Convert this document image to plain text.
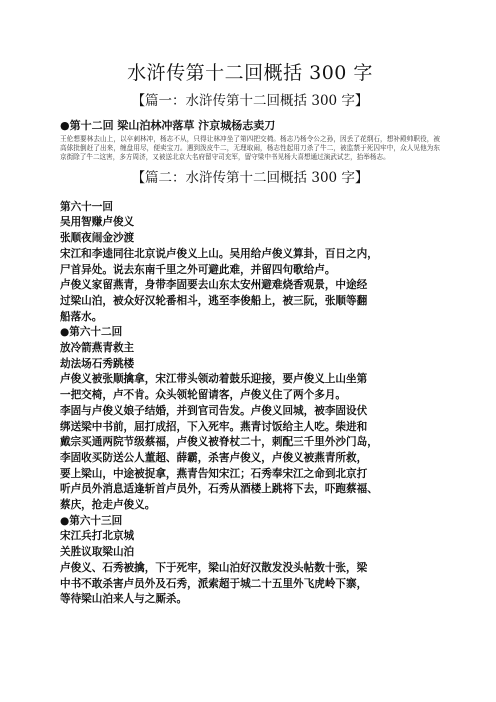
水浒传第十二回概括 300 字
【篇一：水浒传第十二回概括 300 字】
●第十二回 梁山泊林冲落草 汴京城杨志卖刀

王伦想要林去山上，以卒刺林冲，杨志不从，只得让林冲坐了第四把交椅。杨志乃杨令公之孙，因丢了花纲石，想补殿帅职役，被高俅批倒赶了出来，缠盘用尽，便卖宝刀。遇到泼皮牛二，无理取闹，杨志性起用刀杀了牛二，被监禁于死囚牢中，众人见他为东京街除了牛二这害，多方周济，又被送北京大名府留守司充军，留守梁中书见杨大喜想通过演武试艺，抬举杨志。

【篇二：水浒传第十二回概括 300 字】

第六十一回

吴用智赚卢俊义

张顺夜闹金沙渡

宋江和李逵同往北京说卢俊义上山。吴用给卢俊义算卦，百日之内，

尸首异处。说去东南千里之外可避此难，并留四句歌给卢。

卢俊义家留燕青，身带李固要去山东太安州避难烧香观景，中途经

过梁山泊，被众好汉轮番相斗，逃至李俊船上，被三阮，张顺等翻

船落水。

●第六十二回

放冷箭燕青救主

劫法场石秀跳楼

卢俊义被张顺擒拿，宋江带头领动着鼓乐迎接，要卢俊义上山坐第

一把交椅，卢不肯。众头领轮留请客，卢俊义住了两个多月。

李固与卢俊义娘子结婚，并到官司告发。卢俊义回城，被李固设伏

绑送梁中书前，屈打成招，下入死牢。燕青讨饭给主人吃。柴进和

戴宗买通两院节级蔡福，卢俊义被脊杖二十，刺配三千里外沙门岛，

李固收买防送公人董超、薛霸，杀害卢俊义，卢俊义被燕青所救，

要上梁山，中途被捉拿，燕青告知宋江；石秀奉宋江之命到北京打

听卢员外消息适逢斩首卢员外，石秀从酒楼上跳将下去，吓跑蔡福、

蔡庆，抢走卢俊义。

●第六十三回

宋江兵打北京城

关胜议取梁山泊

卢俊义、石秀被擒，下于死牢，梁山泊好汉散发没头帖数十张，梁

中书不敢杀害卢员外及石秀，派索超于城二十五里外飞虎岭下寨，

等待梁山泊来人与之厮杀。
